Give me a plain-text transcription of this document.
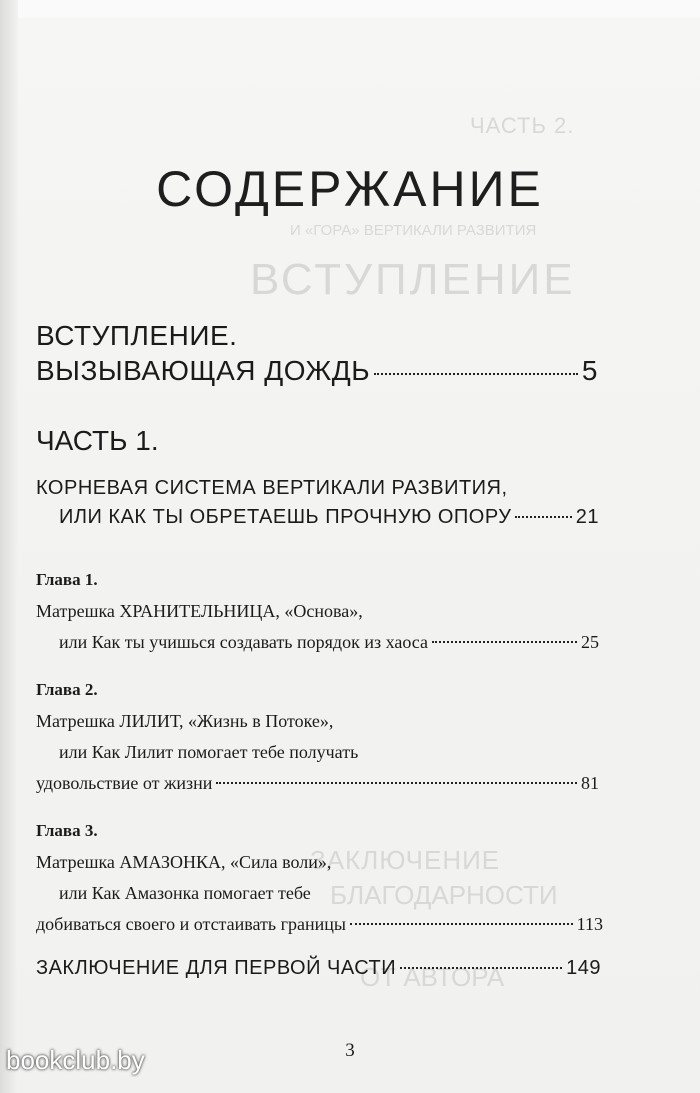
ЧАСТЬ 2.
И «ГОРА» ВЕРТИКАЛИ РАЗВИТИЯ
ВСТУПЛЕНИЕ
ЗАКЛЮЧЕНИЕ
БЛАГОДАРНОСТИ
ОТ АВТОРА
СОДЕРЖАНИЕ
ВСТУПЛЕНИЕ.
ВЫЗЫВАЮЩАЯ ДОЖДЬ	5
ЧАСТЬ 1.
КОРНЕВАЯ СИСТЕМА ВЕРТИКАЛИ РАЗВИТИЯ,
ИЛИ КАК ТЫ ОБРЕТАЕШЬ ПРОЧНУЮ ОПОРУ	21
Глава 1.
Матрешка ХРАНИТЕЛЬНИЦА, «Основа»,
или Как ты учишься создавать порядок из хаоса	25
Глава 2.
Матрешка ЛИЛИТ, «Жизнь в Потоке»,
или Как Лилит помогает тебе получать
удовольствие от жизни	81
Глава 3.
Матрешка АМАЗОНКА, «Сила воли»,
или Как Амазонка помогает тебе
добиваться своего и отстаивать границы	113
ЗАКЛЮЧЕНИЕ ДЛЯ ПЕРВОЙ ЧАСТИ	149
3
bookclub.by
